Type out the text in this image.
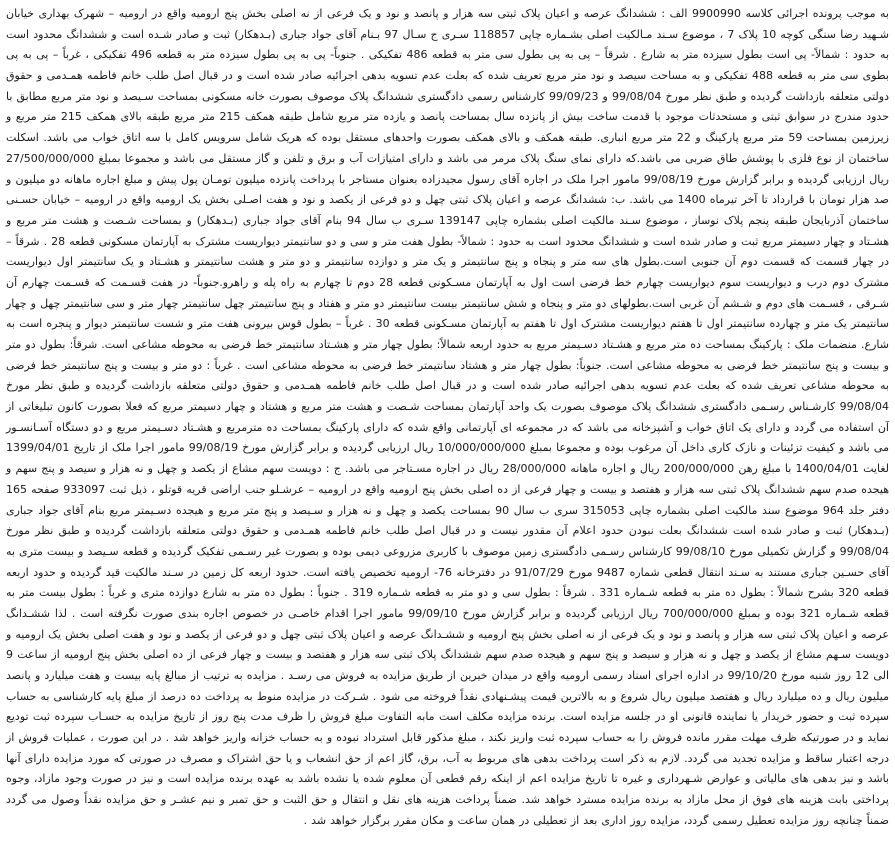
به موجب پرونده اجرائی کلاسه 9900990 الف : ششدانگ عرصه و اعیان پلاک ثبتی سه هزار و پانصد و نود و یک فرعی از نه اصلی بخش پنج ارومیه واقع در ارومیه – شهرک بهداری خیابان شـهید رضا سنگی کوچه 10 پلاک 7 ، موضوع سـند مـالکیت اصلی بشـماره چاپی 118857 سـری ج سـال 97 بـنام آقای جواد جباری (بـدهکار) ثبت و صادر شـده است و ششدانگ محدود است به حدود : شمالاً- پی است بطول سیزده متر به شارع . شرقاً – پی به پی بطول سی متر به قطعه 486 تفکیکی . جنوباً- پی به پی بطول سیزده متر به قطعه 496 تفکیکی ، غرباً – پی به پی بطوی سی متر به قطعه 488 تفکیکی و به مساحت سیصد و نود متر مربع تعریف شده که بعلت عدم تسویه بدهی اجرائیه صادر شده است و در قبال اصل طلب خانم فاطمه همـدمی و حقوق دولتی متعلقه بازداشت گردیده و طبق نظر مورخ 99/08/04 و 99/09/23 کارشناس رسمی دادگستری ششدانگ پلاک موصوف بصورت خانه مسکونی بمساحت سـیصد و نود متر مربع مطابق با حدود مندرج در سوابق ثبتی و مستحدثات موجود با قدمت ساخت بیش از پانزده سال بمساحت پانصد و یازده متر مربع شامل طبقه همکف 215 متر مربع طبقه بالای همکف 215 متر مربع و زیرزمین بمساحت 59 متر مربع پارکینگ و 22 متر مربع انباری. طبقه همکف و بالای همکف بصورت واحدهای مستقل بوده که هریک شامل سرویس کامل با سه اتاق خواب می باشد. اسکلت ساختمان از نوع فلزی با پوشش طاق ضربی می باشد.که دارای نمای سنگ پلاک مرمر می باشد و دارای امتیازات آب و برق و تلفن و گاز مستقل می باشد و مجموعا بمبلغ 27/500/000/000 ریال ارزیابی گردیده و برابر گزارش مورخ 99/08/19 مامور اجرا ملک در اجاره آقای رسول مجیدزاده بعنوان مستاجر با پرداخت پانزده میلیون تومـان پول پیش و مبلغ اجاره ماهانه دو میلیون و صد هزار تومان با قرارداد تا آخر تیرماه 1400 می باشد. ب: ششدانگ عرصه و اعیان پلاک ثبتی چهل و دو فرعی از یکصد و نود و هفت اصـلی بخش یک ارومیه واقع در ارومیه – خیابان حسـنی ساختمان آذربایجان طبقه پنجم پلاک نوساز ، موضوع سـند مالکیت اصلی بشماره چاپی 139147 سـری ب سال 94 بنام آقای جواد جباری (بـدهکار) و بمساحت شـصت و هشت متر مربع و هشـتاد و چهار دسیمتر مربع ثبت و صادر شده است و ششدانگ محدود است به حدود : شمالاً- بطول هفت متر و سی و دو سانتیمتر دیواریست مشترک به آپارتمان مسکونی قطعه 28 . شرقاً – در چهار قسمت که قسمت دوم آن جنوبی است.بطول های سه متر و پنجاه و پنج سانتیمتر و یک متر و دوازده سانتیمتر و دو متر و هشت سانتیمتر و هشـتاد و یک سانتیمتر اول دیواریست مشترک دوم درب و دیواریست سوم دیواریست چهارم خط فرضی است اول به آپارتمان مسـکونی قطعه 28 دوم تا چهارم به راه پله و راهرو.جنوباً- در هفت قسـمت که قسـمت چهارم آن شـرقی ، قسـمت های دوم و شـشم آن غربی است.بطولهای دو متر و پنجاه و شش سانتیمتر بیست سانتیمتر دو متر و هفتاد و پنج سانتیمتر چهل سانتیمتر چهار متر و سی سانتیمتر چهل و چهار سانتیمتر یک متر و چهارده سانتیمتر اول تا هفتم دیواریست مشترک اول تا هفتم به آپارتمان مسـکونی قطعه 30 . غرباً – بطول قوس بیرونی هفت متر و شست سانتیمتر دیوار و پنجره است به شارع. منضمات ملک : پارکینگ بمساحت ده متر مربع و هشـتاد دسـیمتر مربع به حدود اربعه شمالاً: بطول چهار متر و هشـتاد سانتیمتر خط فرضی به محوطه مشاعی است. شرقاً: بطول دو متر و بیست و پنج سانتیمتر خط فرضی به محوطه مشاعی است. جنوباً: بطول چهار متر و هشتاد سانتیمتر خط فرضی به محوطه مشاعی است . غرباً : دو متر و بیست و پنج سانتیمتر خط فرضی به محوطه مشاعی تعریف شده که بعلت عدم تسویه بدهی اجرائیه صادر شده است و در قبال اصل طلب خانم فاطمه همـدمی و حقوق دولتی متعلقه بازداشت گردیده و طبق نظر مورخ 99/08/04 کارشـناس رسـمی دادگستری ششدانگ پلاک موصوف بصورت یک واحد آپارتمان بمساحت شـصت و هشت متر مربع و هشتاد و چهار دسیمتر مربع که فعلا بصورت کانون تبلیغاتی از آن استفاده می گردد و دارای یک اتاق خواب و آشپزخانه می باشد که در مجموعه ای آپارتمانی واقع شده که دارای پارکینگ بمساحت ده مترمربع و هشـتاد دسـیمتر مربع و دو دستگاه آسـانسـور می باشد و کیفیت تزئینات و نازک کاری داخل آن مرغوب بوده و مجموعا بمبلغ 10/000/000/000 ریال ارزیابی گردیده و برابر گزارش مورخ 99/08/19 مامور اجرا ملک از تاریخ 1399/04/01 لغایت 1400/04/01 با مبلغ رهن 200/000/000 ریال و اجاره ماهانه 28/000/000 ریال در اجاره مسـتاجر می باشد. ج : دویست سهم مشاع از یکصد و چهل و نه هزار و سیصد و پنج سهم و هیجده صدم سهم ششدانگ پلاک ثبتی سه هزار و هفتصد و بیست و چهار فرعی از ده اصلی بخش پنج ارومیه واقع در ارومیه – عرشـلو جنب اراضی قریه قوتلو ، ذیل ثبت 933097 صفحه 165 دفتر جلد 964 موضوع سند مالکیت اصلی بشماره چاپی 315053 سری ب سال 90 بمساحت یکصد و چهل و نه هزار و سـیصد و پنج متر مربع و هیجده دسـیمتر مربع بنام آقای جواد جباری (بـدهکار) ثبت و صادر شده است ششدانگ بعلت نبودن حدود اعلام آن مقدور نیست و در قبال اصل طلب خانم فاطمه همـدمی و حقوق دولتی متعلقه بازداشت گردیده و طبق نظر مورخ 99/08/04 و گزارش تکمیلی مورخ 99/08/10 کارشناس رسـمی دادگستری زمین موصوف با کاربری مزروعی دیمی بوده و بصورت غیر رسـمی تفکیک گردیده و قطعه سـیصد و بیست متری به آقای حسـین جباری مستند به سـند انتقال قطعی شماره 9487 مورخ 91/07/29 در دفترخانه 76- ارومیه تخصیص یافته است. حدود اربعه کل زمین در سـند مالکیت قید گردیده و حدود اربعه قطعه 320 بشرح شمالاً : بطول ده متر به قطعه شـماره 331 . شرقاً : بطول سی و دو متر به قطعه شـماره 319 . جنوباً : بطول ده متر به شارع دوازده متری و غرباً : بطول بیست متر به قطعه شـماره 321 بوده و بمبلغ 700/000/000 ریال ارزیابی گردیده و برابر گزارش مورخ 99/09/10 مامور اجرا اقدام خاصـی در خصوص اجاره بندی صورت نگرفته است . لذا ششـدانگ عرصه و اعیان پلاک ثبتی سه هزار و پانصد و نود و یک فرعی از نه اصلی بخش پنج ارومیه و ششـدانگ عرصه و اعیان پلاک ثبتی چهل و دو فرعی از یکصد و نود و هفت اصلی بخش یک ارومیه و دویست سـهم مشاع از یکصد و چهل و نه هزار و سیصد و پنج سهم و هیجده صدم سهم ششدانگ پلاک ثبتی سه هزار و هفتصد و بیست و چهار فرعی از ده اصلی بخش پنج ارومیه از ساعت 9 الی 12 روز شنبه مورخ 99/10/20 در اداره اجرای اسناد رسمی ارومیه واقع در میدان خیرین از طریق مزایده به فروش می رسـد . مزایده به ترتیب از مبالغ پایه بیست و هفت میلیارد و پانصد میلیون ریال و ده میلیارد ریال و هفتصد میلیون ریال شروع و به بالاترین قیمت پیشـنهادی نقداً فروخته می شود . شـرکت در مزایده منوط به پرداخت ده درصد از مبلغ پایه کارشناسی به حساب سپرده ثبت و حضور خریدار یا نماینده قانونی او در جلسه مزایده است. برنده مزایده مکلف است مابه التفاوت مبلغ فروش را ظرف مدت پنج روز از تاریخ مزایده به حسـاب سپرده ثبت تودیع نماید و در صورتیکه ظرف مهلت مقرر مانده فروش را به حساب سپرده ثبت واریز نکند ، مبلغ مذکور قابل استرداد نبوده و به حساب خزانه واریز خواهد شد . در این صورت ، عملیات فروش از درجه اعتبار ساقط و مزایده تجدید می گردد. لازم به ذکر است پرداخت بدهی های مربوط به آب، برق، گاز اعم از حق انشعاب و یا حق اشتراک و مصرف در صورتی که مورد مزایده دارای آنها باشد و نیز بدهی های مالیاتی و عوارض شـهرداری و غیره تا تاریخ مزایده اعم از اینکه رقم قطعی آن معلوم شده یا نشده باشد به عهده برنده مزایده است و نیز در صورت وجود مازاد، وجوه پرداختی بابت هزینه های فوق از محل مازاد به برنده مزایده مسترد خواهد شد. ضمناً پرداخت هزینه های نقل و انتقال و حق الثبت و حق تمبر و نیم عشـر و حق مزایده نقداً وصول می گردد ضمناً چنانچه روز مزایده تعطیل رسمی گردد، مزایده روز اداری بعد از تعطیلی در همان ساعت و مکان مقرر برگزار خواهد شد .
